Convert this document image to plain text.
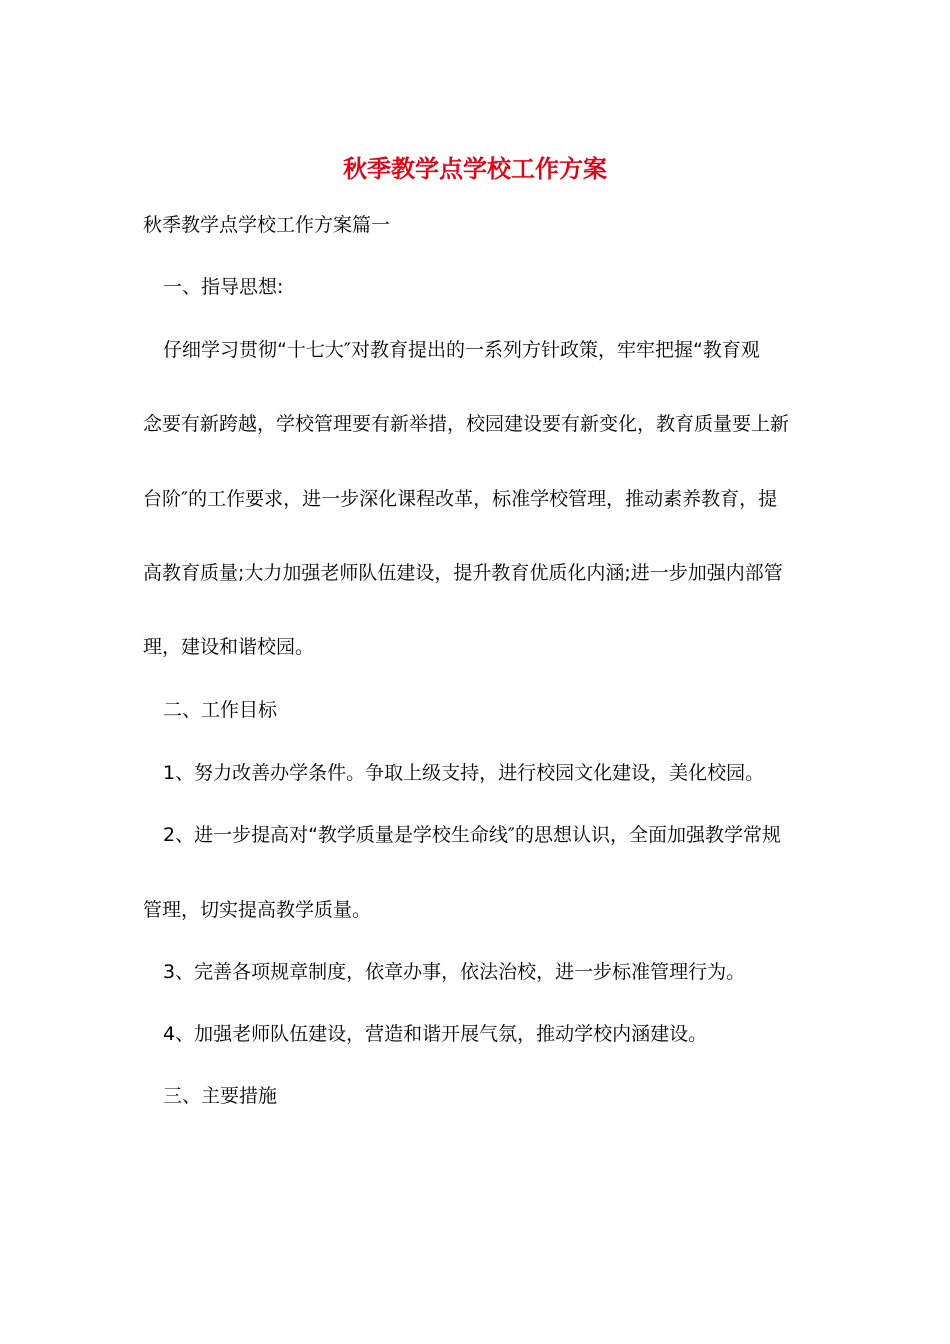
秋季教学点学校工作方案
秋季教学点学校工作方案篇一
一、指导思想:
仔细学习贯彻“十七大″对教育提出的一系列方针政策，牢牢把握“教育观
念要有新跨越，学校管理要有新举措，校园建设要有新变化，教育质量要上新
台阶″的工作要求，进一步深化课程改革，标准学校管理，推动素养教育，提
高教育质量;大力加强老师队伍建设，提升教育优质化内涵;进一步加强内部管
理，建设和谐校园。
二、工作目标
1、努力改善办学条件。争取上级支持，进行校园文化建设，美化校园。
2、进一步提高对“教学质量是学校生命线″的思想认识，全面加强教学常规
管理，切实提高教学质量。
3、完善各项规章制度，依章办事，依法治校，进一步标准管理行为。
4、加强老师队伍建设，营造和谐开展气氛，推动学校内涵建设。
三、主要措施
